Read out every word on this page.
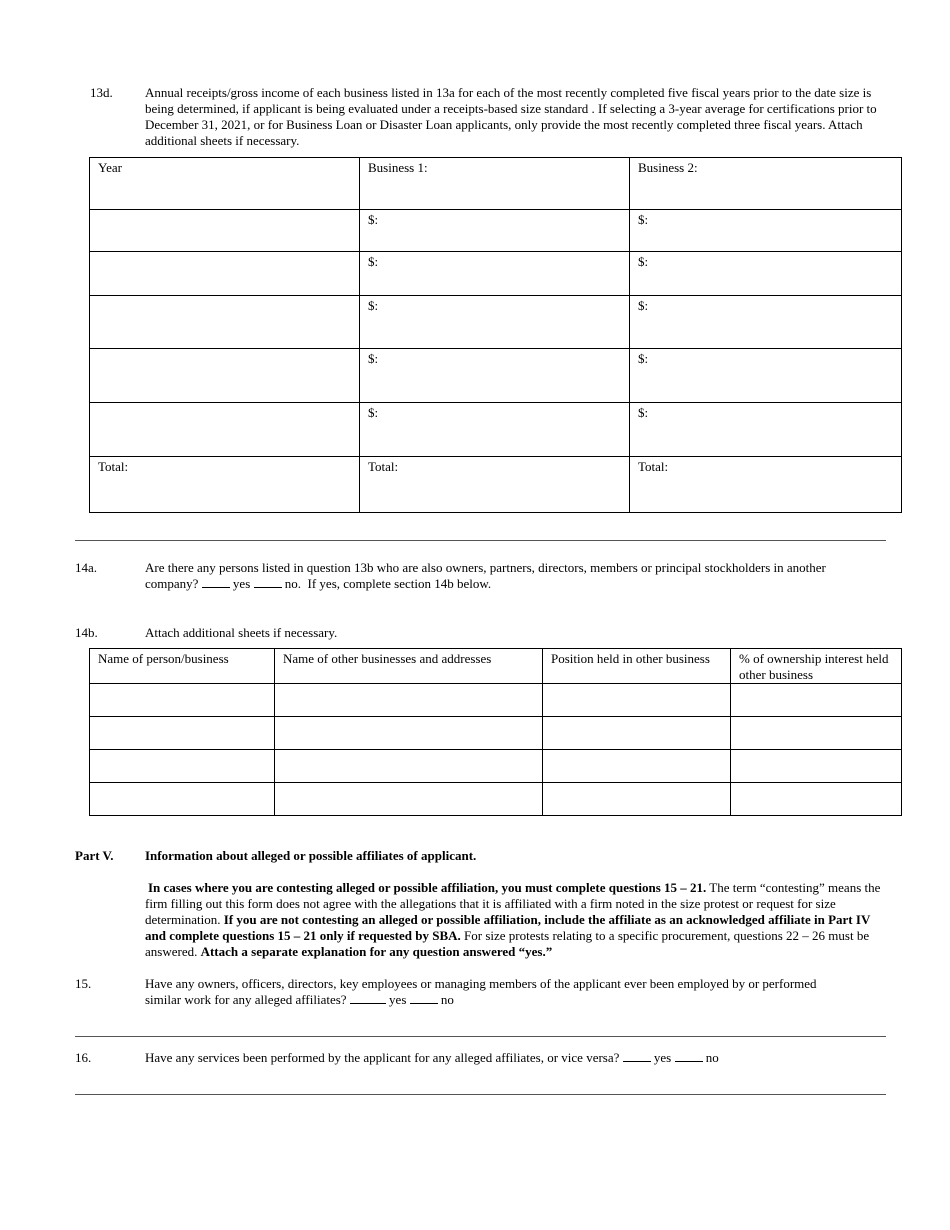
13d. Annual receipts/gross income of each business listed in 13a for each of the most recently completed five fiscal years prior to the date size is being determined, if applicant is being evaluated under a receipts-based size standard . If selecting a 3-year average for certifications prior to December 31, 2021, or for Business Loan or Disaster Loan applicants, only provide the most recently completed three fiscal years. Attach additional sheets if necessary.
Year	Business 1:	Business 2:
	$:	$:
	$:	$:
	$:	$:
	$:	$:
	$:	$:
Total:	Total:	Total:
14a.	Are there any persons listed in question 13b who are also owners, partners, directors, members or principal stockholders in another
company?	yes	no. If yes, complete section 14b below.
14b.	Attach additional sheets if necessary.
Name of person/business	Name of other businesses and addresses	Position held in other business	% of ownership interest held other business

Part V. Information about alleged or possible affiliates of applicant.
In cases where you are contesting alleged or possible affiliation, you must complete questions 15 – 21. The term “contesting” means the firm filling out this form does not agree with the allegations that it is affiliated with a firm noted in the size protest or request for size determination. If you are not contesting an alleged or possible affiliation, include the affiliate as an acknowledged affiliate in Part IV and complete questions 15 – 21 only if requested by SBA. For size protests relating to a specific procurement, questions 22 – 26 must be answered. Attach a separate explanation for any question answered “yes.”
15.	Have any owners, officers, directors, key employees or managing members of the applicant ever been employed by or performed
similar work for any alleged affiliates?	yes	no
16.	Have any services been performed by the applicant for any alleged affiliates, or vice versa?	yes	no
